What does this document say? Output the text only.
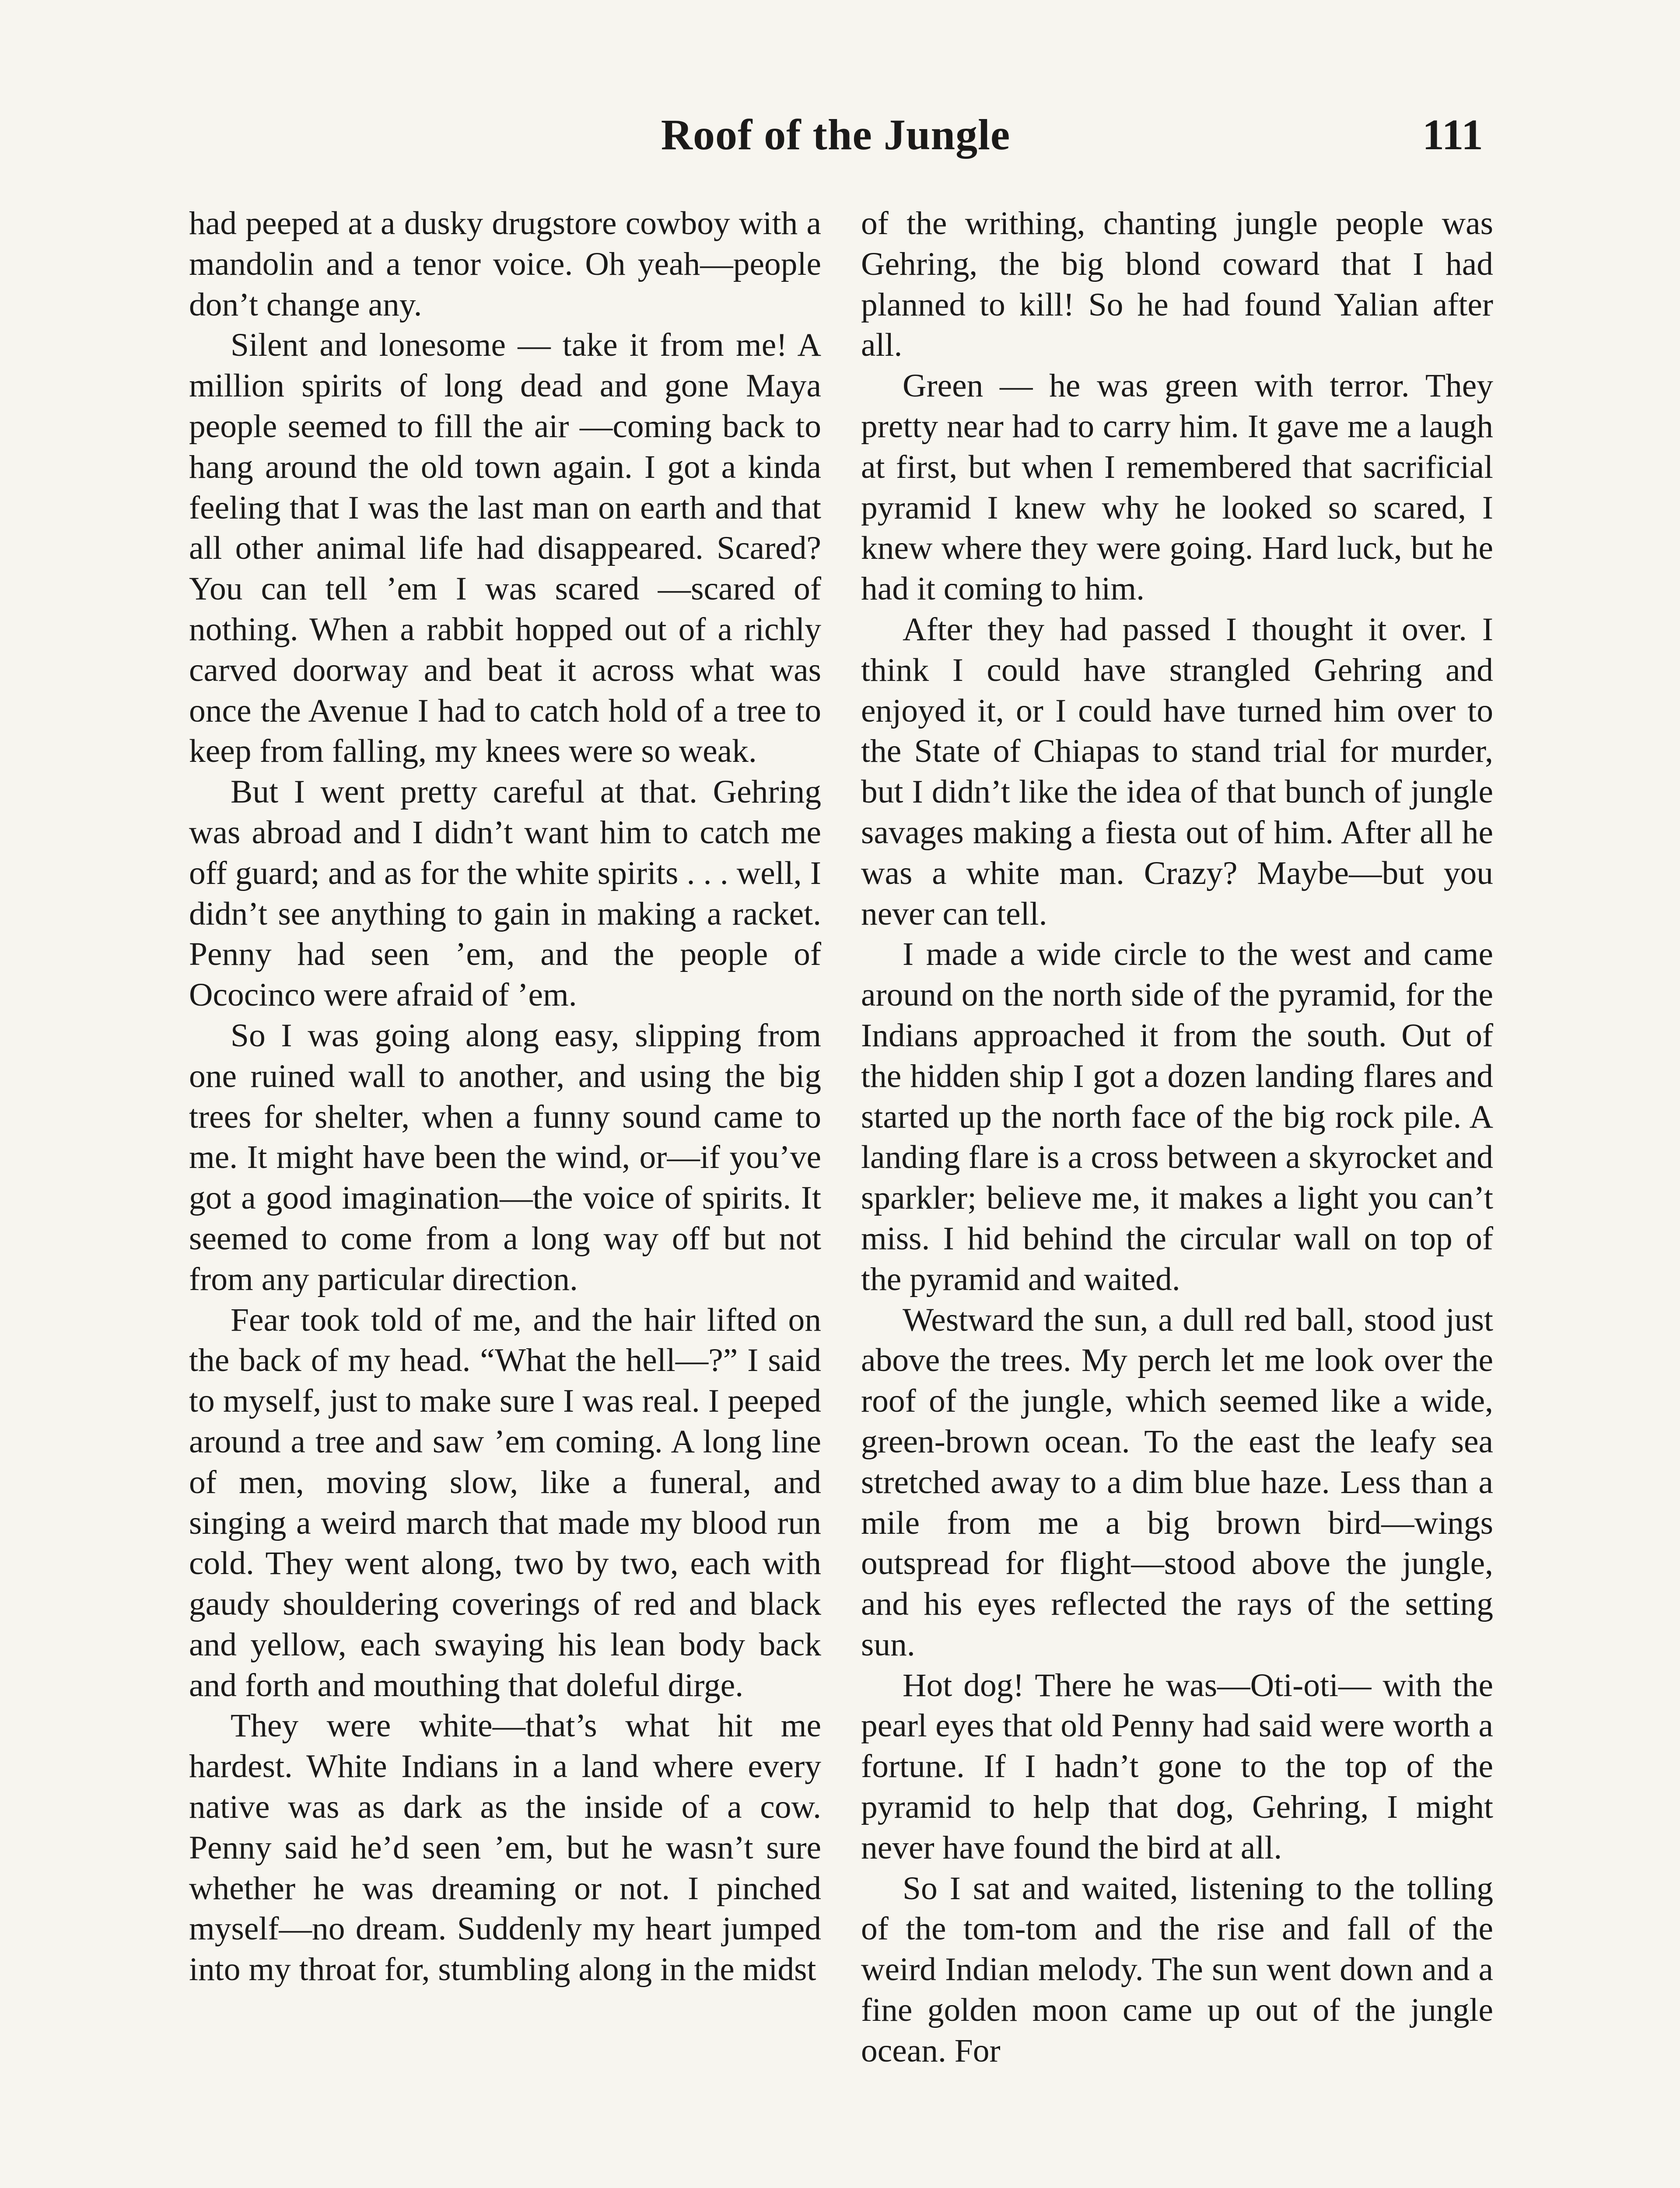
Roof of the Jungle	111

had peeped at a dusky drugstore cowboy with a mandolin and a tenor voice. Oh yeah—people don’t change any.

Silent and lonesome — take it from me! A million spirits of long dead and gone Maya people seemed to fill the air —coming back to hang around the old town again. I got a kinda feeling that I was the last man on earth and that all other animal life had disappeared. Scared? You can tell ’em I was scared —scared of nothing. When a rabbit hopped out of a richly carved doorway and beat it across what was once the Avenue I had to catch hold of a tree to keep from falling, my knees were so weak.

But I went pretty careful at that. Gehring was abroad and I didn’t want him to catch me off guard; and as for the white spirits . . . well, I didn’t see anything to gain in making a racket. Penny had seen ’em, and the people of Ococinco were afraid of ’em.

So I was going along easy, slipping from one ruined wall to another, and using the big trees for shelter, when a funny sound came to me. It might have been the wind, or—if you’ve got a good imagination—the voice of spirits. It seemed to come from a long way off but not from any particular direction.

Fear took told of me, and the hair lifted on the back of my head. “What the hell—?” I said to myself, just to make sure I was real. I peeped around a tree and saw ’em coming. A long line of men, moving slow, like a funeral, and singing a weird march that made my blood run cold. They went along, two by two, each with gaudy shouldering coverings of red and black and yellow, each swaying his lean body back and forth and mouthing that doleful dirge.

They were white—that’s what hit me hardest. White Indians in a land where every native was as dark as the inside of a cow. Penny said he’d seen ’em, but he wasn’t sure whether he was dreaming or not. I pinched myself—no dream. Suddenly my heart jumped into my throat for, stumbling along in the midst

of the writhing, chanting jungle people was Gehring, the big blond coward that I had planned to kill! So he had found Yalian after all.

Green — he was green with terror. They pretty near had to carry him. It gave me a laugh at first, but when I remembered that sacrificial pyramid I knew why he looked so scared, I knew where they were going. Hard luck, but he had it coming to him.

After they had passed I thought it over. I think I could have strangled Gehring and enjoyed it, or I could have turned him over to the State of Chiapas to stand trial for murder, but I didn’t like the idea of that bunch of jungle savages making a fiesta out of him. After all he was a white man. Crazy? Maybe—but you never can tell.

I made a wide circle to the west and came around on the north side of the pyramid, for the Indians approached it from the south. Out of the hidden ship I got a dozen landing flares and started up the north face of the big rock pile. A landing flare is a cross between a skyrocket and sparkler; believe me, it makes a light you can’t miss. I hid behind the circular wall on top of the pyramid and waited.

Westward the sun, a dull red ball, stood just above the trees. My perch let me look over the roof of the jungle, which seemed like a wide, green-brown ocean. To the east the leafy sea stretched away to a dim blue haze. Less than a mile from me a big brown bird—wings outspread for flight—stood above the jungle, and his eyes reflected the rays of the setting sun.

Hot dog! There he was—Oti-oti— with the pearl eyes that old Penny had said were worth a fortune. If I hadn’t gone to the top of the pyramid to help that dog, Gehring, I might never have found the bird at all.

So I sat and waited, listening to the tolling of the tom-tom and the rise and fall of the weird Indian melody. The sun went down and a fine golden moon came up out of the jungle ocean. For
